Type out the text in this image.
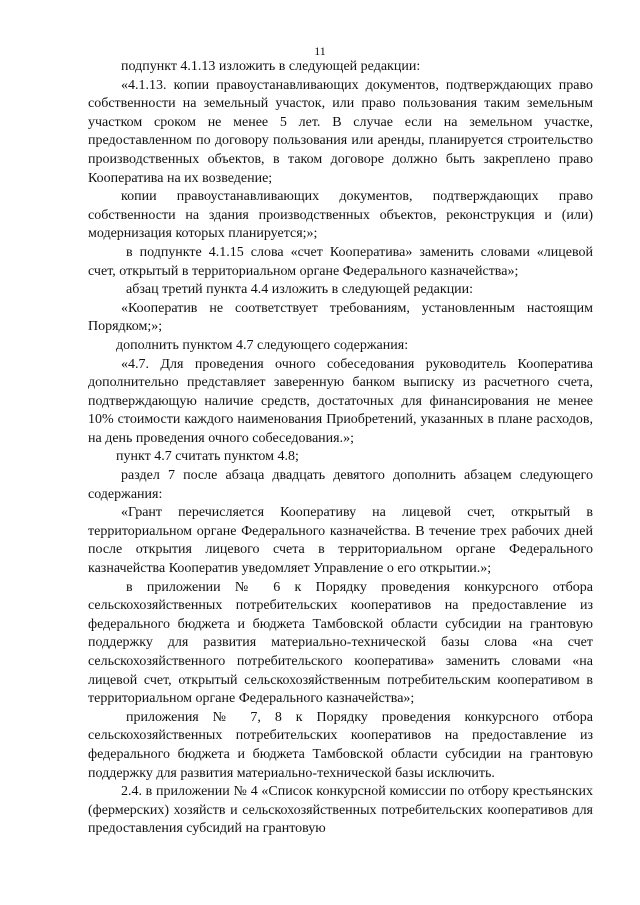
11

подпункт 4.1.13 изложить в следующей редакции:

«4.1.13. копии правоустанавливающих документов, подтверждающих право собственности на земельный участок, или право пользования таким земельным участком сроком не менее 5 лет. В случае если на земельном участке, предоставленном по договору пользования или аренды, планируется строительство производственных объектов, в таком договоре должно быть закреплено право Кооператива на их возведение;

копии правоустанавливающих документов, подтверждающих право собственности на здания производственных объектов, реконструкция и (или) модернизация которых планируется;»;

в подпункте 4.1.15 слова «счет Кооператива» заменить словами «лицевой счет, открытый в территориальном органе Федерального казначейства»;

абзац третий пункта 4.4 изложить в следующей редакции:

«Кооператив не соответствует требованиям, установленным настоящим Порядком;»;

дополнить пунктом 4.7 следующего содержания:

«4.7. Для проведения очного собеседования руководитель Кооператива дополнительно представляет заверенную банком выписку из расчетного счета, подтверждающую наличие средств, достаточных для финансирования не менее 10% стоимости каждого наименования Приобретений, указанных в плане расходов, на день проведения очного собеседования.»;

пункт 4.7 считать пунктом 4.8;

раздел 7 после абзаца двадцать девятого дополнить абзацем следующего содержания:

«Грант перечисляется Кооперативу на лицевой счет, открытый в территориальном органе Федерального казначейства. В течение трех рабочих дней после открытия лицевого счета в территориальном органе Федерального казначейства Кооператив уведомляет Управление о его открытии.»;

в приложении № 6 к Порядку проведения конкурсного отбора сельскохозяйственных потребительских кооперативов на предоставление из федерального бюджета и бюджета Тамбовской области субсидии на грантовую поддержку для развития материально-технической базы слова «на счет сельскохозяйственного потребительского кооператива» заменить словами «на лицевой счет, открытый сельскохозяйственным потребительским кооперативом в территориальном органе Федерального казначейства»;

приложения № 7, 8 к Порядку проведения конкурсного отбора сельскохозяйственных потребительских кооперативов на предоставление из федерального бюджета и бюджета Тамбовской области субсидии на грантовую поддержку для развития материально-технической базы исключить.

2.4. в приложении № 4 «Список конкурсной комиссии по отбору крестьянских (фермерских) хозяйств и сельскохозяйственных потребительских кооперативов для предоставления субсидий на грантовую
